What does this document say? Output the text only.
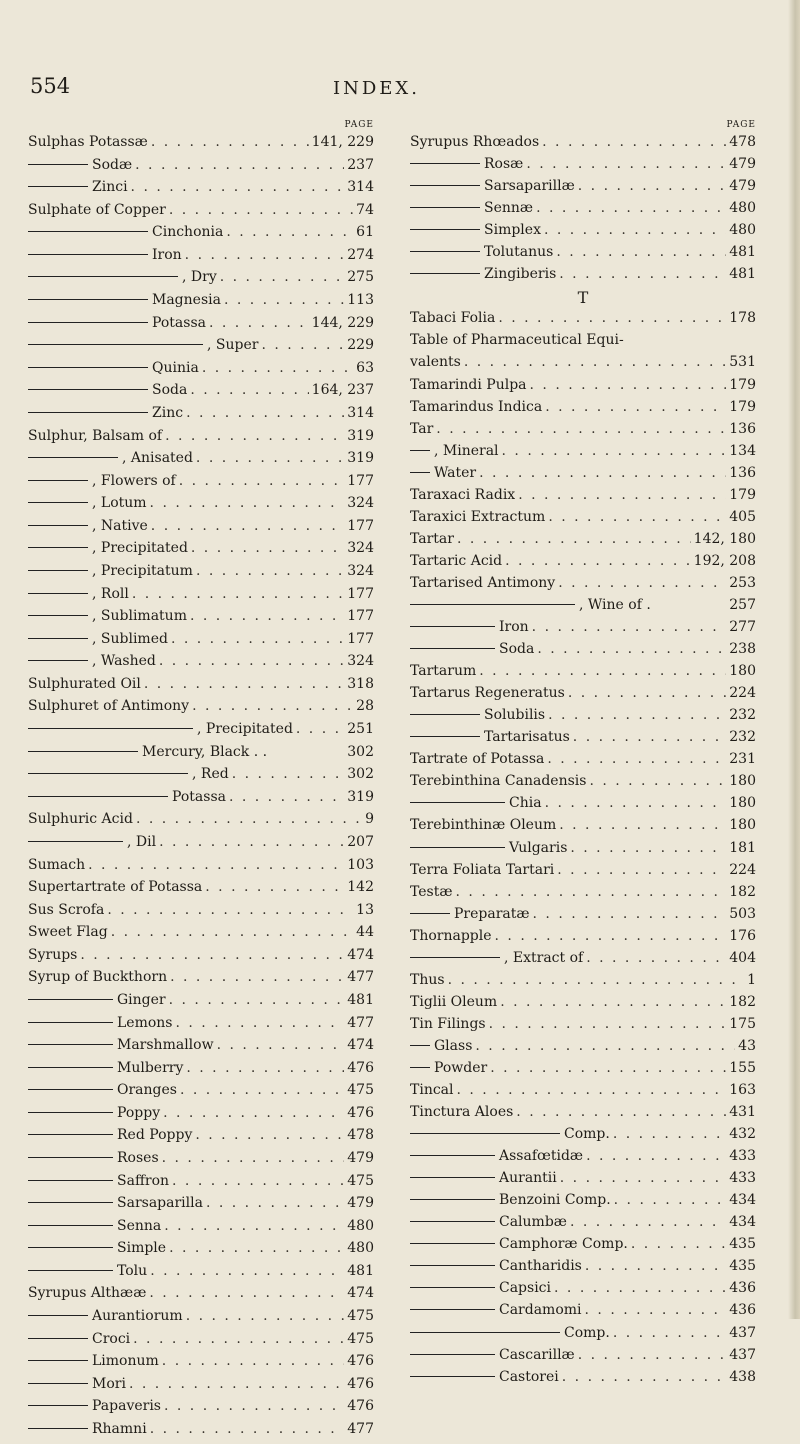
554	INDEX.
PAGE
Sulphas Potassæ . . .	141, 229
Sodæ . . .	237
Zinci . . .	314
Sulphate of Copper . . .	74
Cinchonia . . .	61
Iron . . .	274
, Dry . . .	275
Magnesia . . .	113
Potassa . . .	144, 229
, Super . . .	229
Quinia . . .	63
Soda . . .	164, 237
Zinc . . .	314
Sulphur, Balsam of . . .	319
, Anisated . . .	319
, Flowers of . . .	177
, Lotum . . .	324
, Native . . .	177
, Precipitated . . .	324
, Precipitatum . . .	324
, Roll . . .	177
, Sublimatum . . .	177
, Sublimed . . .	177
, Washed . . .	324
Sulphurated Oil . . .	318
Sulphuret of Antimony . . .	28
, Precipitated . . .	251
Mercury, Black . .	302
, Red . . .	302
Potassa . . .	319
Sulphuric Acid . . .	9
, Dil . . .	207
Sumach . . .	103
Supertartrate of Potassa . . .	142
Sus Scrofa . . .	13
Sweet Flag . . .	44
Syrups . . .	474
Syrup of Buckthorn . . .	477
Ginger . . .	481
Lemons . . .	477
Marshmallow . . .	474
Mulberry . . .	476
Oranges . . .	475
Poppy . . .	476
Red Poppy . . .	478
Roses . . .	479
Saffron . . .	475
Sarsaparilla . . .	479
Senna . . .	480
Simple . . .	480
Tolu . . .	481
Syrupus Althææ . . .	474
Aurantiorum . . .	475
Croci . . .	475
Limonum . . .	476
Mori . . .	476
Papaveris . . .	476
Rhamni . . .	477
PAGE
Syrupus Rhœados . . .	478
Rosæ . . .	479
Sarsaparillæ . . .	479
Sennæ . . .	480
Simplex . . .	480
Tolutanus . . .	481
Zingiberis . . .	481
T
Tabaci Folia . . .	178
Table of Pharmaceutical Equi-
valents . . .	531
Tamarindi Pulpa . . .	179
Tamarindus Indica . . .	179
Tar . . .	136
, Mineral . . .	134
Water . . .	136
Taraxaci Radix . . .	179
Taraxici Extractum . . .	405
Tartar . . .	142, 180
Tartaric Acid . . .	192, 208
Tartarised Antimony . . .	253
, Wine of .	257
Iron . . .	277
Soda . . .	238
Tartarum . . .	180
Tartarus Regeneratus . . .	224
Solubilis . . .	232
Tartarisatus . . .	232
Tartrate of Potassa . . .	231
Terebinthina Canadensis . . .	180
Chia . . .	180
Terebinthinæ Oleum . . .	180
Vulgaris . . .	181
Terra Foliata Tartari . . .	224
Testæ . . .	182
Preparatæ . . .	503
Thornapple . . .	176
, Extract of . . .	404
Thus . . .	1
Tiglii Oleum . . .	182
Tin Filings . . .	175
Glass . . .	43
Powder . . .	155
Tincal . . .	163
Tinctura Aloes . . .	431
Comp. . . .	432
Assafœtidæ . . .	433
Aurantii . . .	433
Benzoini Comp. . . .	434
Calumbæ . . .	434
Camphoræ Comp. . . .	435
Cantharidis . . .	435
Capsici . . .	436
Cardamomi . . .	436
Comp. . . .	437
Cascarillæ . . .	437
Castorei . . .	438
